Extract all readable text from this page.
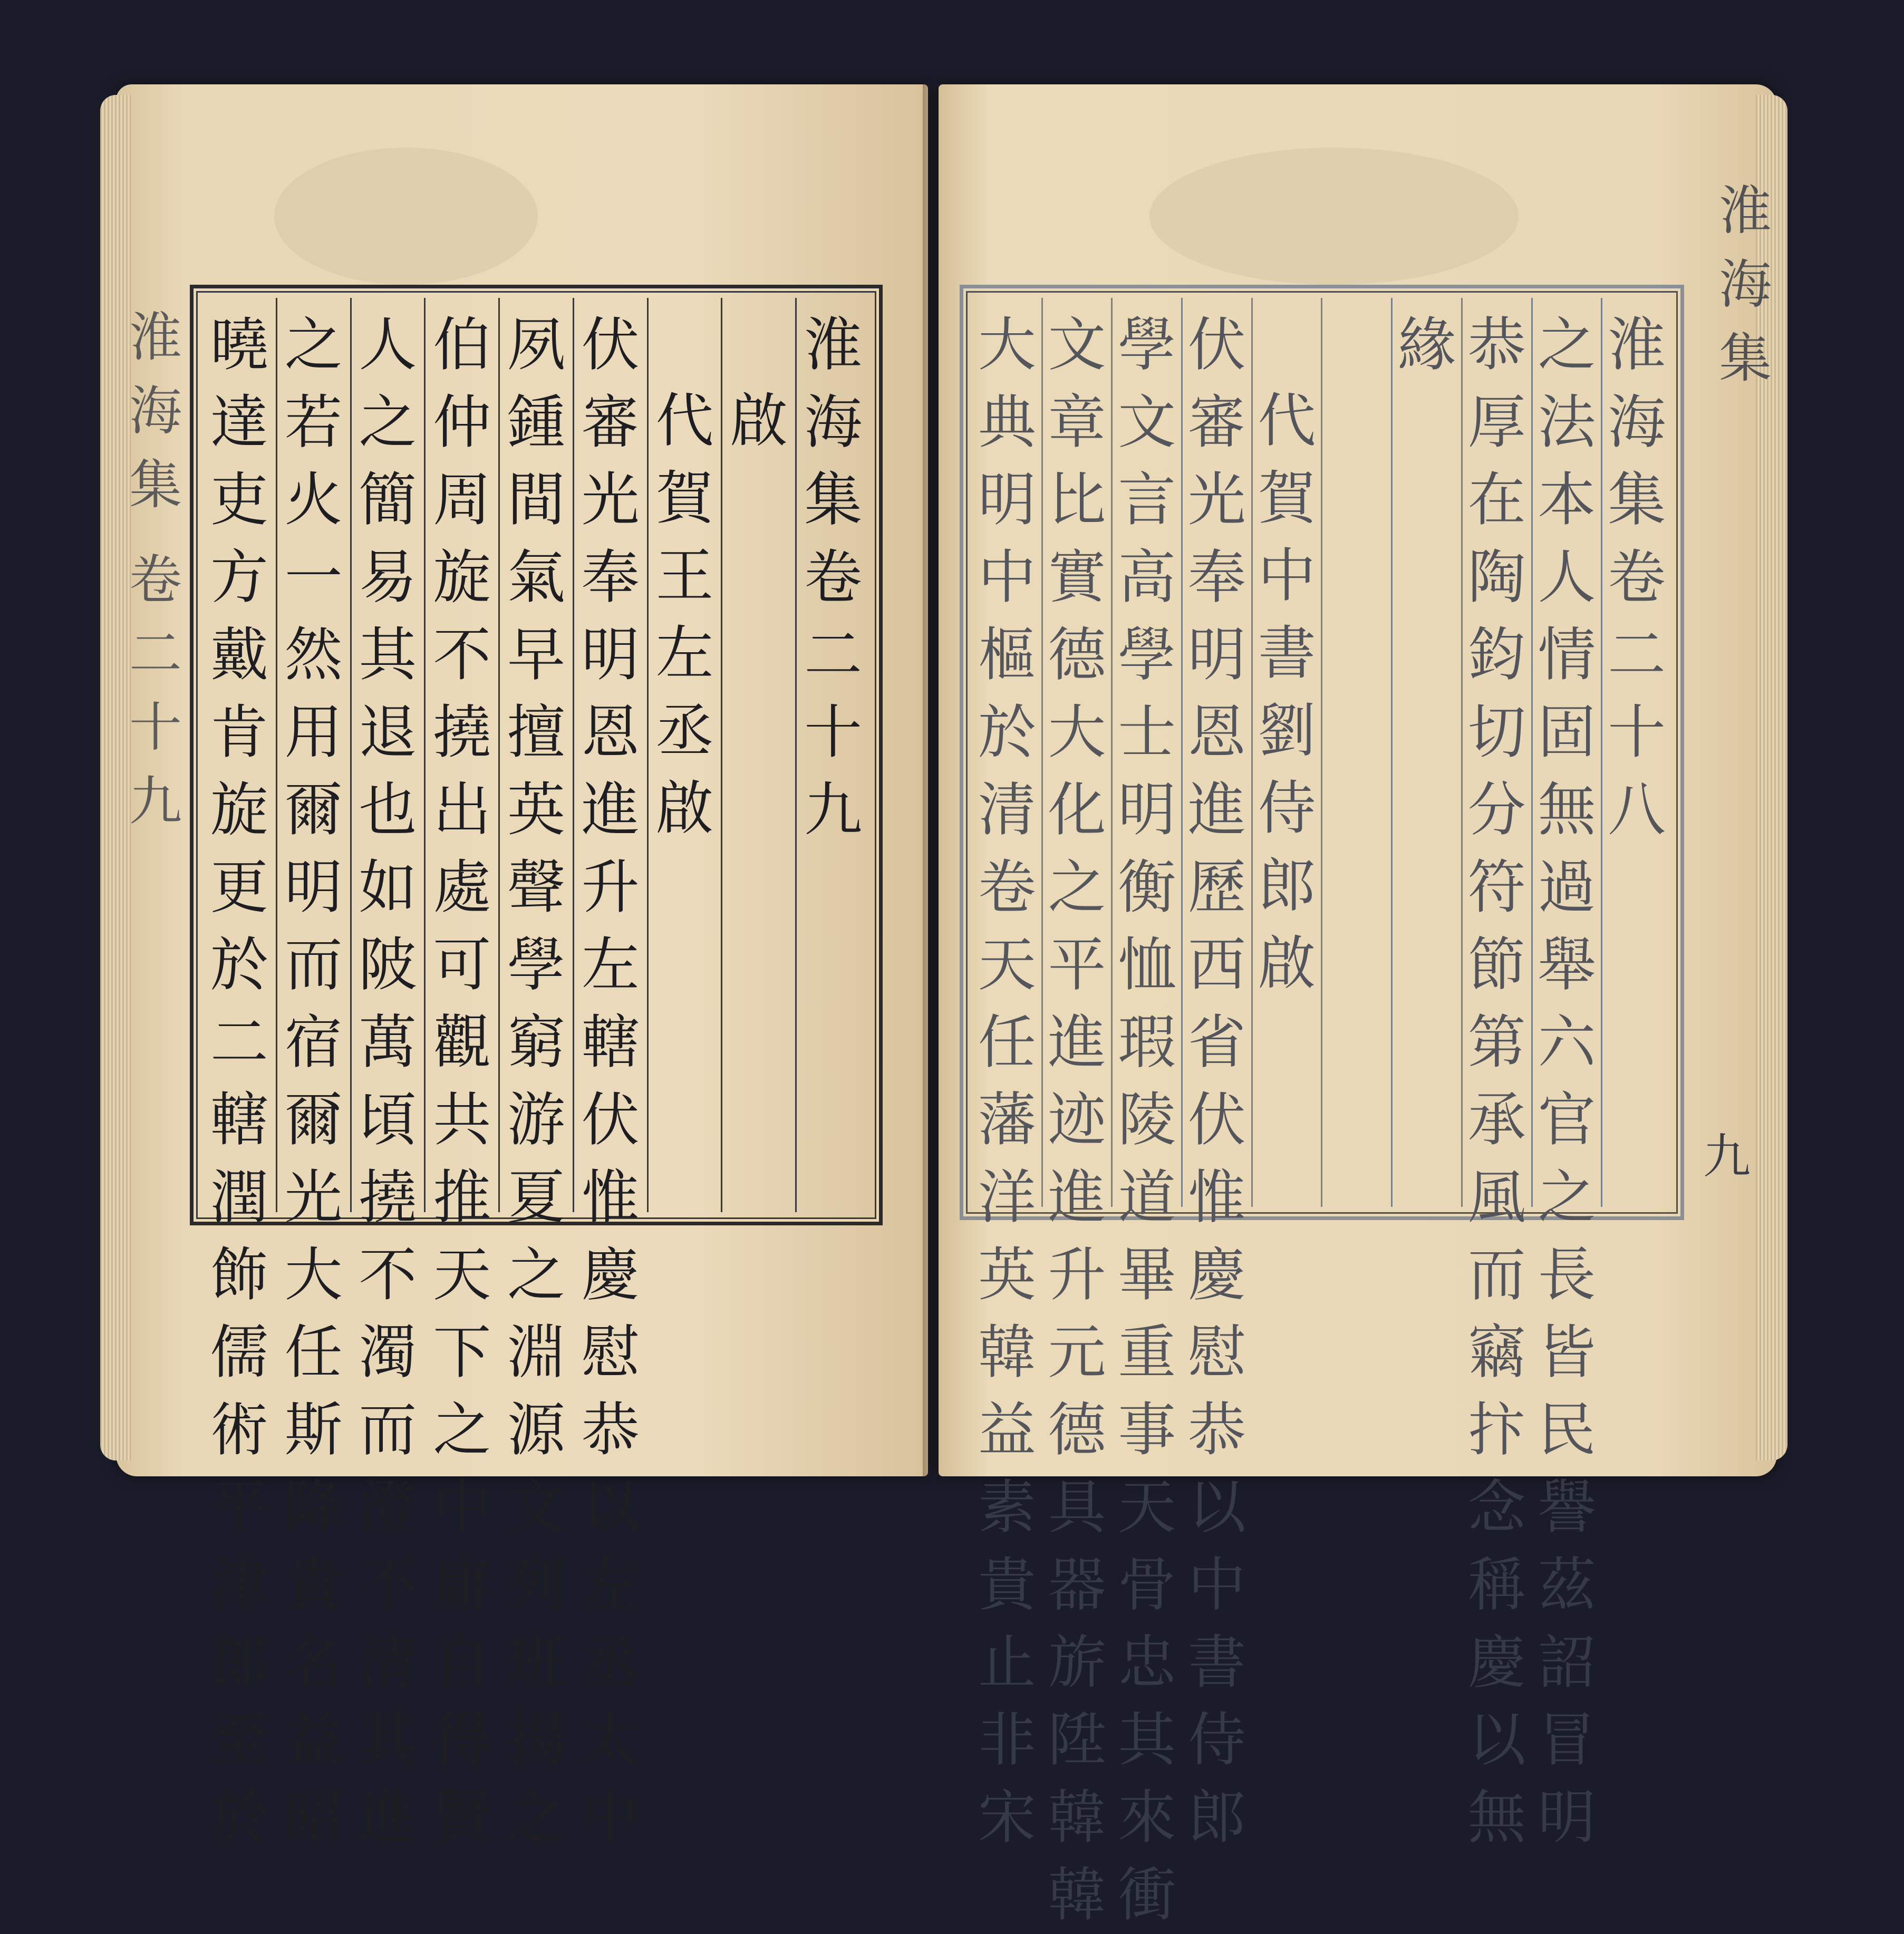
淮
海
集
卷
二
十
九
淮
海
集
卷
二
十
九
啟
代
賀
王
左
丞
啟
伏
審
光
奉
明
恩
進
升
左
轄
伏
惟
慶
慰
恭
以
左
丞
太
中
夙
鍾
間
氣
早
擅
英
聲
學
窮
游
夏
之
淵
源
文
列
班
揚
之
伯
仲
周
旋
不
撓
出
處
可
觀
共
推
天
下
之
中
庸
自
得
賢
人
之
簡
易
其
退
也
如
陂
萬
頃
撓
不
濁
而
澄
不
清
其
進
之
若
火
一
然
用
爾
明
而
宿
爾
光
大
任
斯
降
貴
名
益
昭
曉
達
吏
方
戴
肯
旋
更
於
二
轄
潤
飾
儒
術
平
津
郎
至
於
淮
海
集
卷
二
十
八
之
法
本
人
情
固
無
過
舉
六
官
之
長
皆
民
譽
茲
詔
冒
明
恭
厚
在
陶
鈞
切
分
符
節
第
承
風
而
竊
抃
念
稱
慶
以
無
緣
代
賀
中
書
劉
侍
郎
啟
伏
審
光
奉
明
恩
進
歷
西
省
伏
惟
慶
慰
恭
以
中
書
侍
郎
學
文
言
高
學
士
明
衡
恤
瑕
陵
道
畢
重
事
天
骨
忠
其
來
衝
文
章
比
實
德
大
化
之
平
進
迹
進
升
元
德
具
器
旂
陞
韓
韓
大
典
明
中
樞
於
清
卷
天
任
藩
洋
英
韓
益
素
貴
止
非
宋
淮
海
集
九
